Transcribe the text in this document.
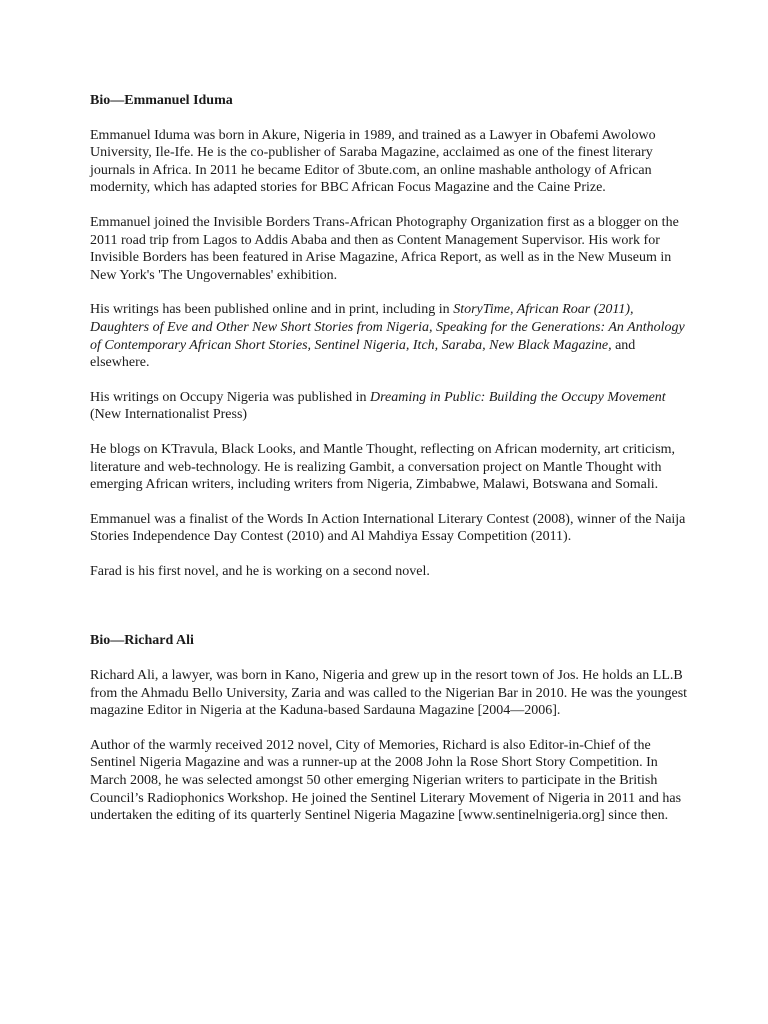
Bio—Emmanuel Iduma

Emmanuel Iduma was born in Akure, Nigeria in 1989, and trained as a Lawyer in Obafemi Awolowo University, Ile-Ife. He is the co-publisher of Saraba Magazine, acclaimed as one of the finest literary journals in Africa. In 2011 he became Editor of 3bute.com, an online mashable anthology of African modernity, which has adapted stories for BBC African Focus Magazine and the Caine Prize.

Emmanuel joined the Invisible Borders Trans-African Photography Organization first as a blogger on the 2011 road trip from Lagos to Addis Ababa and then as Content Management Supervisor. His work for Invisible Borders has been featured in Arise Magazine, Africa Report, as well as in the New Museum in New York's 'The Ungovernables' exhibition.

His writings has been published online and in print, including in StoryTime, African Roar (2011), Daughters of Eve and Other New Short Stories from Nigeria, Speaking for the Generations: An Anthology of Contemporary African Short Stories, Sentinel Nigeria, Itch, Saraba, New Black Magazine, and elsewhere.

His writings on Occupy Nigeria was published in Dreaming in Public: Building the Occupy Movement (New Internationalist Press)

He blogs on KTravula, Black Looks, and Mantle Thought, reflecting on African modernity, art criticism, literature and web-technology. He is realizing Gambit, a conversation project on Mantle Thought with emerging African writers, including writers from Nigeria, Zimbabwe, Malawi, Botswana and Somali.

Emmanuel was a finalist of the Words In Action International Literary Contest (2008), winner of the Naija Stories Independence Day Contest (2010) and Al Mahdiya Essay Competition (2011).

Farad is his first novel, and he is working on a second novel.

Bio—Richard Ali

Richard Ali, a lawyer, was born in Kano, Nigeria and grew up in the resort town of Jos. He holds an LL.B from the Ahmadu Bello University, Zaria and was called to the Nigerian Bar in 2010. He was the youngest magazine Editor in Nigeria at the Kaduna-based Sardauna Magazine [2004—2006].

Author of the warmly received 2012 novel, City of Memories, Richard is also Editor-in-Chief of the Sentinel Nigeria Magazine and was a runner-up at the 2008 John la Rose Short Story Competition. In March 2008, he was selected amongst 50 other emerging Nigerian writers to participate in the British Council’s Radiophonics Workshop. He joined the Sentinel Literary Movement of Nigeria in 2011 and has undertaken the editing of its quarterly Sentinel Nigeria Magazine [www.sentinelnigeria.org] since then.
